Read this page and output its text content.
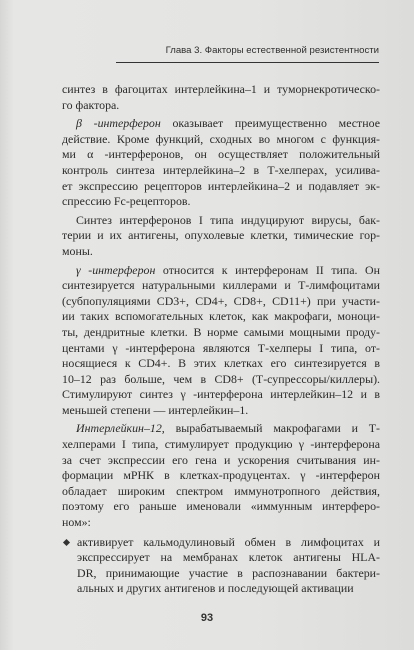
Глава 3. Факторы естественной резистентности
синтез в фагоцитах интерлейкина–1 и туморнекротическо-
го фактора.
β -интерферон оказывает преимущественно местное
действие. Кроме функций, сходных во многом с функция-
ми α -интерферонов, он осуществляет положительный
контроль синтеза интерлейкина–2 в Т-хелперах, усилива-
ет экспрессию рецепторов интерлейкина–2 и подавляет эк-
спрессию Fc-рецепторов.
Синтез интерферонов I типа индуцируют вирусы, бак-
терии и их антигены, опухолевые клетки, тимические гор-
моны.
γ -интерферон относится к интерферонам II типа. Он
синтезируется натуральными киллерами и Т-лимфоцитами
(субпопуляциями CD3+, CD4+, CD8+, CD11+) при участи-
ии таких вспомогательных клеток, как макрофаги, моноци-
ты, дендритные клетки. В норме самыми мощными проду-
центами γ -интерферона являются Т-хелперы I типа, от-
носящиеся к CD4+. В этих клетках его синтезируется в
10–12 раз больше, чем в CD8+ (Т-супрессоры/киллеры).
Стимулируют синтез γ -интерферона интерлейкин–12 и в
меньшей степени — интерлейкин–1.
Интерлейкин–12, вырабатываемый макрофагами и Т-
хелперами I типа, стимулирует продукцию γ -интерферона
за счет экспрессии его гена и ускорения считывания ин-
формации мРНК в клетках-продуцентах. γ -интерферон
обладает широким спектром иммунотропного действия,
поэтому его раньше именовали «иммунным интерферо-
ном»:
активирует кальмодулиновый обмен в лимфоцитах и
экспрессирует на мембранах клеток антигены HLA-
DR, принимающие участие в распознавании бактери-
альных и других антигенов и последующей активации
93
